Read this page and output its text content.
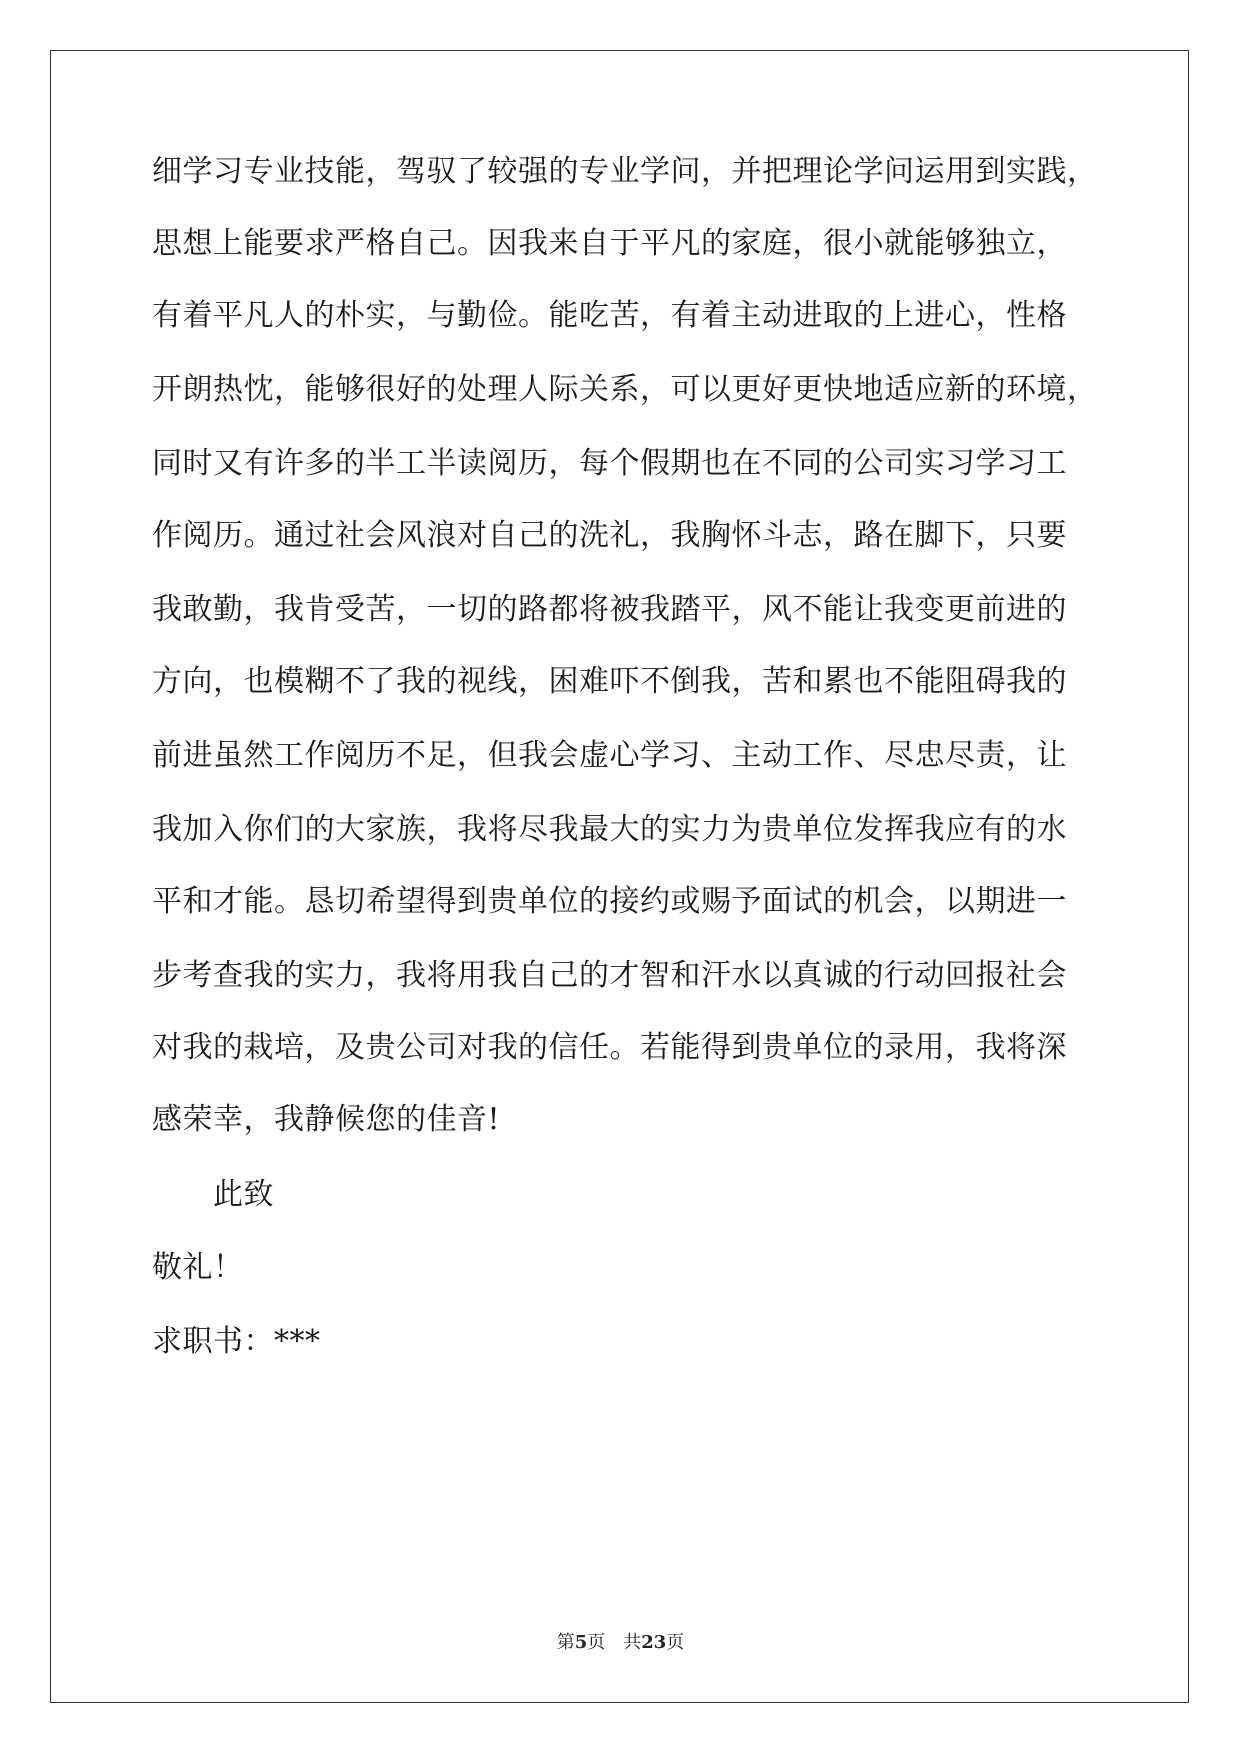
细学习专业技能，驾驭了较强的专业学问，并把理论学问运用到实践，
思想上能要求严格自己。因我来自于平凡的家庭，很小就能够独立，
有着平凡人的朴实，与勤俭。能吃苦，有着主动进取的上进心，性格
开朗热忱，能够很好的处理人际关系，可以更好更快地适应新的环境，
同时又有许多的半工半读阅历，每个假期也在不同的公司实习学习工
作阅历。通过社会风浪对自己的洗礼，我胸怀斗志，路在脚下，只要
我敢勤，我肯受苦，一切的路都将被我踏平，风不能让我变更前进的
方向，也模糊不了我的视线，困难吓不倒我，苦和累也不能阻碍我的
前进虽然工作阅历不足，但我会虚心学习、主动工作、尽忠尽责，让
我加入你们的大家族，我将尽我最大的实力为贵单位发挥我应有的水
平和才能。恳切希望得到贵单位的接约或赐予面试的机会，以期进一
步考查我的实力，我将用我自己的才智和汗水以真诚的行动回报社会
对我的栽培，及贵公司对我的信任。若能得到贵单位的录用，我将深
感荣幸，我静候您的佳音!
此致
敬礼！
求职书：***
第5页 共23页
